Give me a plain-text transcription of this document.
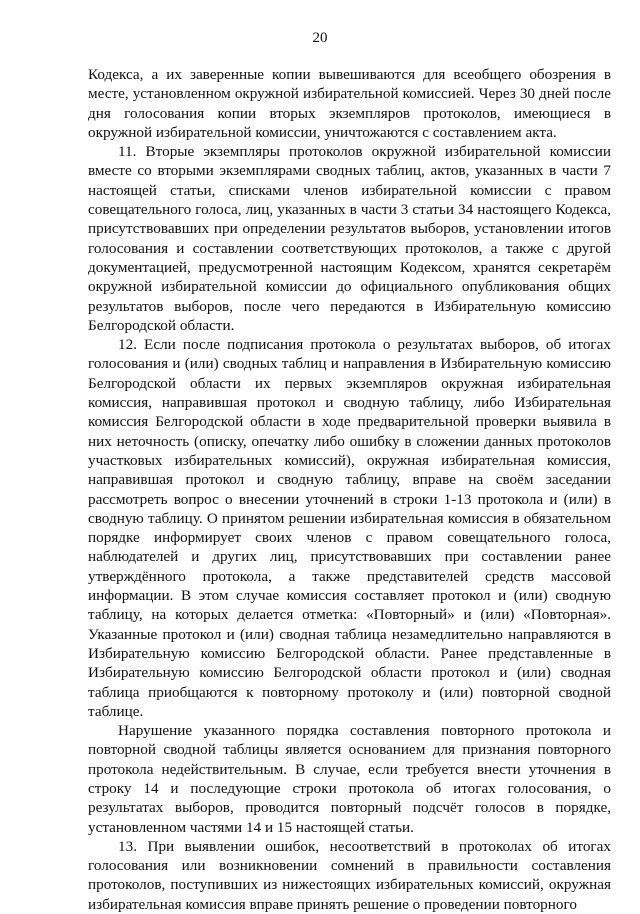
20

Кодекса, а их заверенные копии вывешиваются для всеобщего обозрения в месте, установленном окружной избирательной комиссией. Через 30 дней после дня голосования копии вторых экземпляров протоколов, имеющиеся в окружной избирательной комиссии, уничтожаются с составлением акта.

11. Вторые экземпляры протоколов окружной избирательной комиссии вместе со вторыми экземплярами сводных таблиц, актов, указанных в части 7 настоящей статьи, списками членов избирательной комиссии с правом совещательного голоса, лиц, указанных в части 3 статьи 34 настоящего Кодекса, присутствовавших при определении результатов выборов, установлении итогов голосования и составлении соответствующих протоколов, а также с другой документацией, предусмотренной настоящим Кодексом, хранятся секретарём окружной избирательной комиссии до официального опубликования общих результатов выборов, после чего передаются в Избирательную комиссию Белгородской области.

12. Если после подписания протокола о результатах выборов, об итогах голосования и (или) сводных таблиц и направления в Избирательную комиссию Белгородской области их первых экземпляров окружная избирательная комиссия, направившая протокол и сводную таблицу, либо Избирательная комиссия Белгородской области в ходе предварительной проверки выявила в них неточность (описку, опечатку либо ошибку в сложении данных протоколов участковых избирательных комиссий), окружная избирательная комиссия, направившая протокол и сводную таблицу, вправе на своём заседании рассмотреть вопрос о внесении уточнений в строки 1-13 протокола и (или) в сводную таблицу. О принятом решении избирательная комиссия в обязательном порядке информирует своих членов с правом совещательного голоса, наблюдателей и других лиц, присутствовавших при составлении ранее утверждённого протокола, а также представителей средств массовой информации. В этом случае комиссия составляет протокол и (или) сводную таблицу, на которых делается отметка: «Повторный» и (или) «Повторная». Указанные протокол и (или) сводная таблица незамедлительно направляются в Избирательную комиссию Белгородской области. Ранее представленные в Избирательную комиссию Белгородской области протокол и (или) сводная таблица приобщаются к повторному протоколу и (или) повторной сводной таблице.

Нарушение указанного порядка составления повторного протокола и повторной сводной таблицы является основанием для признания повторного протокола недействительным. В случае, если требуется внести уточнения в строку 14 и последующие строки протокола об итогах голосования, о результатах выборов, проводится повторный подсчёт голосов в порядке, установленном частями 14 и 15 настоящей статьи.

13. При выявлении ошибок, несоответствий в протоколах об итогах голосования или возникновении сомнений в правильности составления протоколов, поступивших из нижестоящих избирательных комиссий, окружная избирательная комиссия вправе принять решение о проведении повторного
